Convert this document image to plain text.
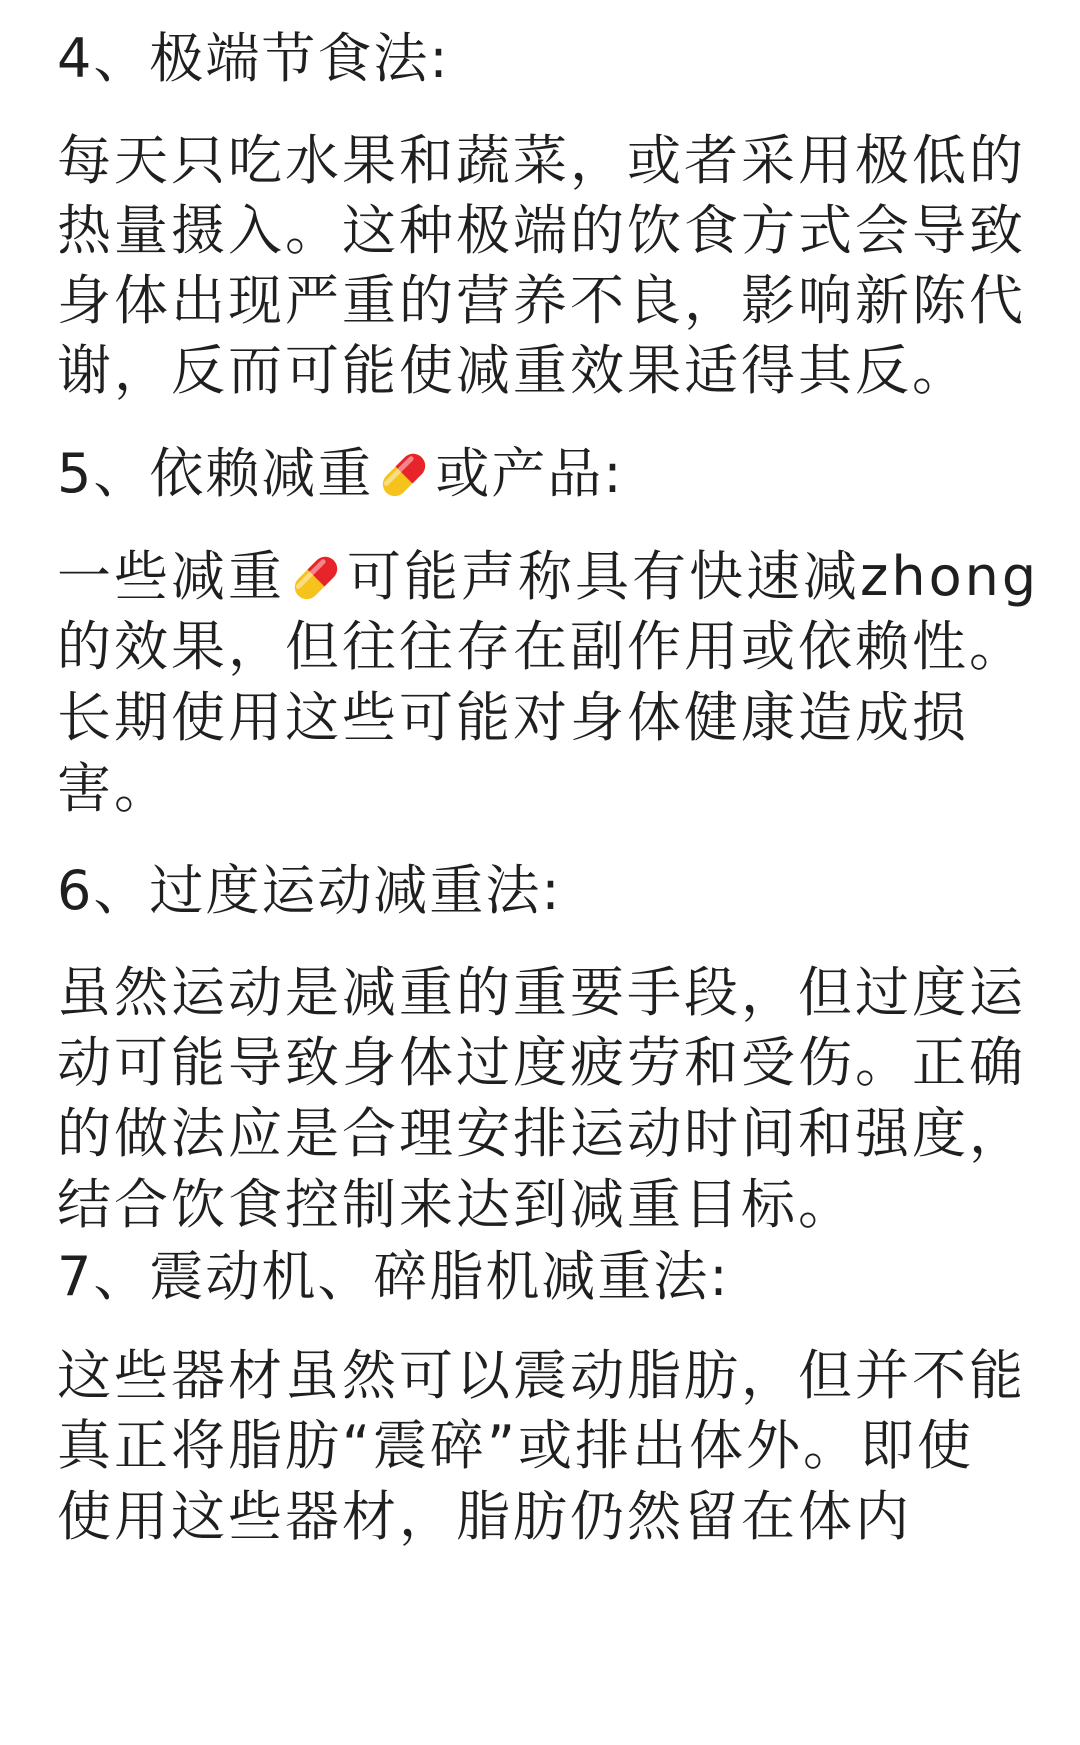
4、极端节食法:
每天只吃水果和蔬菜，或者采用极低的
热量摄入。这种极端的饮食方式会导致
身体出现严重的营养不良，影响新陈代
谢，反而可能使减重效果适得其反。
5、依赖减重 或产品:
一些减重 可能声称具有快速减zhong
的效果，但往往存在副作用或依赖性。
长期使用这些可能对身体健康造成损
害。
6、过度运动减重法:
虽然运动是减重的重要手段，但过度运
动可能导致身体过度疲劳和受伤。正确
的做法应是合理安排运动时间和强度，
结合饮食控制来达到减重目标。
7、震动机、碎脂机减重法:
这些器材虽然可以震动脂肪，但并不能
真正将脂肪“震碎”或排出体外。即使
使用这些器材，脂肪仍然留在体内
